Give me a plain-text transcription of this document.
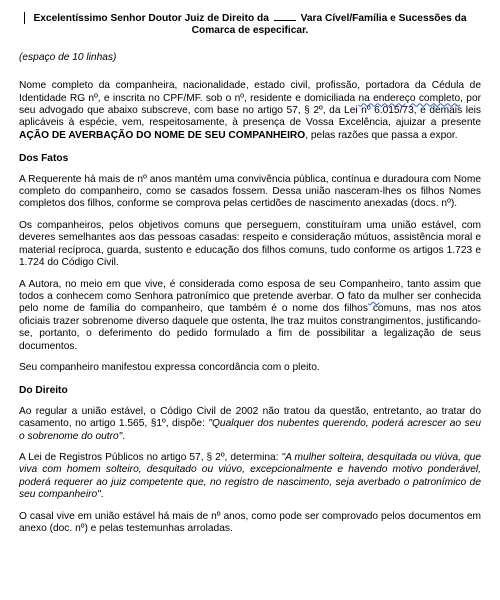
Excelentíssimo Senhor Doutor Juiz de Direito da	Vara Cível/Família e Sucessões da Comarca de especificar.
(espaço de 10 linhas)

Nome completo da companheira, nacionalidade, estado civil, profissão, portadora da Cédula de Identidade RG nº, e inscrita no CPF/MF. sob o nº, residente e domiciliada na endereço completo, por seu advogado que abaixo subscreve, com base no artigo 57, § 2º, da Lei nº 6.015/73, e demais leis aplicáveis à espécie, vem, respeitosamente, à presença de Vossa Excelência, ajuizar a presente AÇÃO DE AVERBAÇÃO DO NOME DE SEU COMPANHEIRO, pelas razões que passa a expor.

Dos Fatos

A Requerente há mais de nº anos mantém uma convivência pública, contínua e duradoura com Nome completo do companheiro, como se casados fossem. Dessa união nasceram-lhes os filhos Nomes completos dos filhos, conforme se comprova pelas certidões de nascimento anexadas (docs. nº).

Os companheiros, pelos objetivos comuns que perseguem, constituíram uma união estável, com deveres semelhantes aos das pessoas casadas: respeito e consideração mútuos, assistência moral e material recíproca, guarda, sustento e educação dos filhos comuns, tudo conforme os artigos 1.723 e 1.724 do Código Civil.

A Autora, no meio em que vive, é considerada como esposa de seu Companheiro, tanto assim que todos a conhecem como Senhora patronímico que pretende averbar. O fato da mulher ser conhecida pelo nome de família do companheiro, que também é o nome dos filhos comuns, mas nos atos oficiais trazer sobrenome diverso daquele que ostenta, lhe traz muitos constrangimentos, justificando-se, portanto, o deferimento do pedido formulado a fim de possibilitar a legalização de seus documentos.

Seu companheiro manifestou expressa concordância com o pleito.

Do Direito

Ao regular a união estável, o Código Civil de 2002 não tratou da questão, entretanto, ao tratar do casamento, no artigo 1.565, §1º, dispõe: "Qualquer dos nubentes querendo, poderá acrescer ao seu o sobrenome do outro".

A Lei de Registros Públicos no artigo 57, § 2º, determina: "A mulher solteira, desquitada ou viúva, que viva com homem solteiro, desquitado ou viúvo, excepcionalmente e havendo motivo ponderável, poderá requerer ao juiz competente que, no registro de nascimento, seja averbado o patronímico de seu companheiro".

O casal vive em união estável há mais de nº anos, como pode ser comprovado pelos documentos em anexo (doc. nº) e pelas testemunhas arroladas.
